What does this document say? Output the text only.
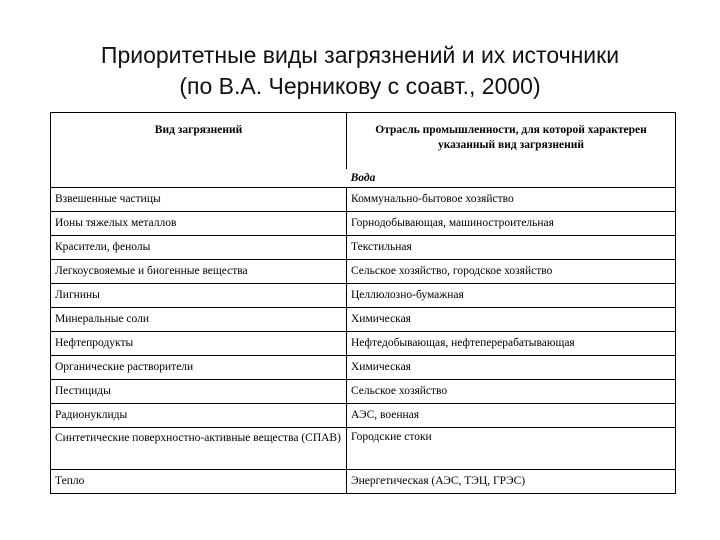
Приоритетные виды загрязнений и их источники
(по В.А. Черникову с соавт., 2000)
Вид загрязнений	Отрасль промышленности, для которой характерен указанный вид загрязнений
Вода	
Взвешенные частицы	Коммунально-бытовое хозяйство
Ионы тяжелых металлов	Горнодобывающая, машиностроительная
Красители, фенолы	Текстильная
Легкоусвояемые и биогенные вещества	Сельское хозяйство, городское хозяйство
Лигнины	Целлюлозно-бумажная
Минеральные соли	Химическая
Нефтепродукты	Нефтедобывающая, нефтеперерабатывающая
Органические растворители	Химическая
Пестициды	Сельское хозяйство
Радионуклиды	АЭС, военная
Синтетические поверхностно-активные вещества (СПАВ)	Городские стоки
Тепло	Энергетическая (АЭС, ТЭЦ, ГРЭС)
